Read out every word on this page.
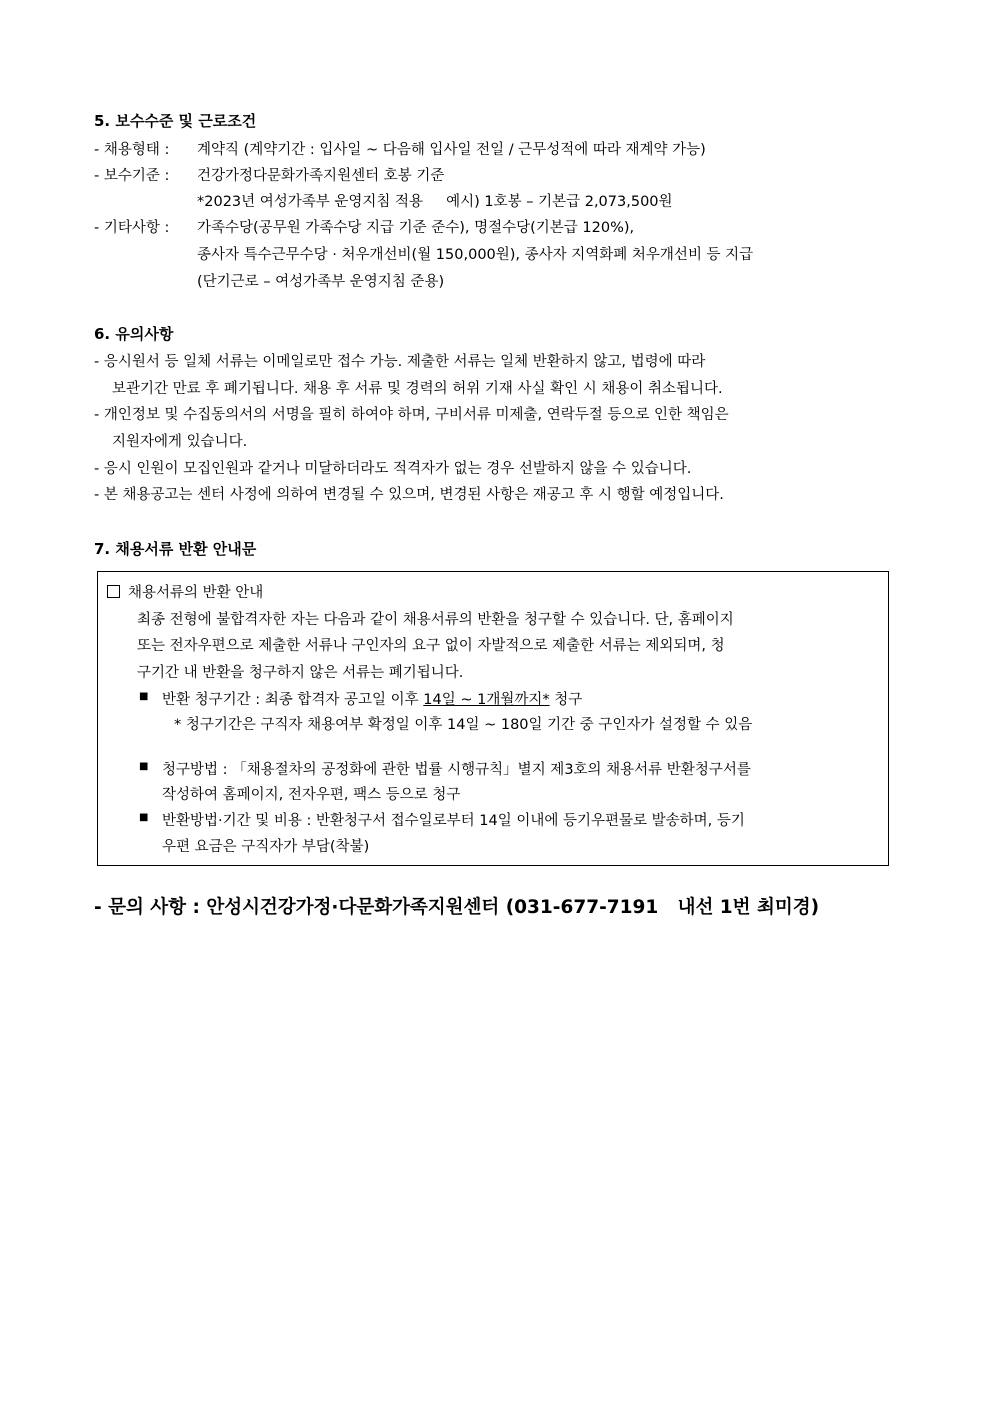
5. 보수수준 및 근로조건
- 채용형태 : 계약직 (계약기간 : 입사일 ~ 다음해 입사일 전일 / 근무성적에 따라 재계약 가능)
- 보수기준 : 건강가정다문화가족지원센터 호봉 기준
*2023년 여성가족부 운영지침 적용     예시) 1호봉 – 기본급 2,073,500원
- 기타사항 : 가족수당(공무원 가족수당 지급 기준 준수), 명절수당(기본급 120%),
종사자 특수근무수당 · 처우개선비(월 150,000원), 종사자 지역화폐 처우개선비 등 지급
(단기근로 – 여성가족부 운영지침 준용)
6. 유의사항
- 응시원서 등 일체 서류는 이메일로만 접수 가능. 제출한 서류는 일체 반환하지 않고, 법령에 따라
보관기간 만료 후 폐기됩니다. 채용 후 서류 및 경력의 허위 기재 사실 확인 시 채용이 취소됩니다.
- 개인정보 및 수집동의서의 서명을 필히 하여야 하며, 구비서류 미제출, 연락두절 등으로 인한 책임은
지원자에게 있습니다.
- 응시 인원이 모집인원과 같거나 미달하더라도 적격자가 없는 경우 선발하지 않을 수 있습니다.
- 본 채용공고는 센터 사정에 의하여 변경될 수 있으며, 변경된 사항은 재공고 후 시 행할 예정입니다.
7. 채용서류 반환 안내문
채용서류의 반환 안내
최종 전형에 불합격자한 자는 다음과 같이 채용서류의 반환을 청구할 수 있습니다. 단, 홈페이지
또는 전자우편으로 제출한 서류나 구인자의 요구 없이 자발적으로 제출한 서류는 제외되며, 청
구기간 내 반환을 청구하지 않은 서류는 폐기됩니다.
■ 반환 청구기간 : 최종 합격자 공고일 이후 14일 ~ 1개월까지* 청구
* 청구기간은 구직자 채용여부 확정일 이후 14일 ~ 180일 기간 중 구인자가 설정할 수 있음
■ 청구방법 : 「채용절차의 공정화에 관한 법률 시행규칙」별지 제3호의 채용서류 반환청구서를
작성하여 홈페이지, 전자우편, 팩스 등으로 청구
■ 반환방법·기간 및 비용 : 반환청구서 접수일로부터 14일 이내에 등기우편물로 발송하며, 등기
우편 요금은 구직자가 부담(착불)
- 문의 사항 : 안성시건강가정·다문화가족지원센터 (031-677-7191   내선 1번 최미경)
